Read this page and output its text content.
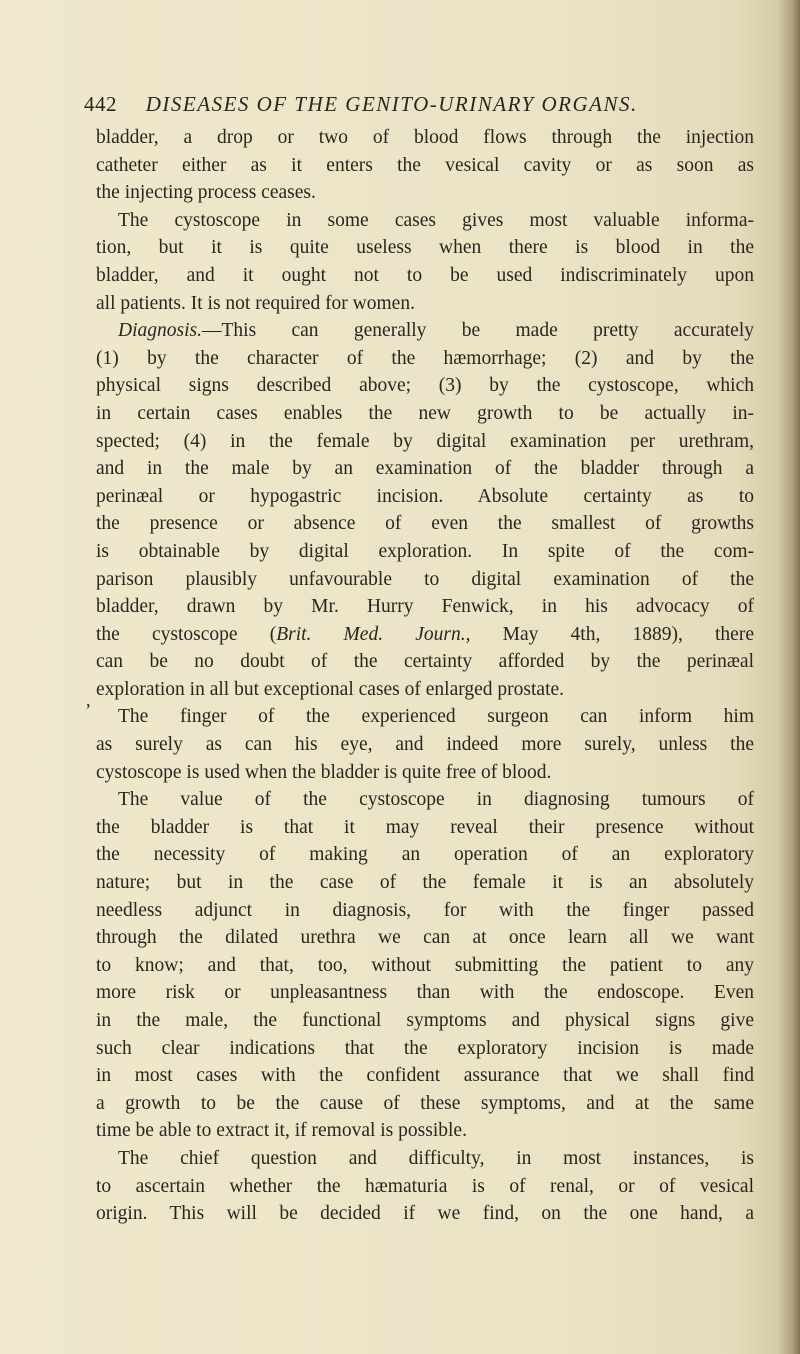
442 DISEASES OF THE GENITO-URINARY ORGANS.
,
bladder, a drop or two of blood flows through the injection
catheter either as it enters the vesical cavity or as soon as
the injecting process ceases.
The cystoscope in some cases gives most valuable informa-
tion, but it is quite useless when there is blood in the
bladder, and it ought not to be used indiscriminately upon
all patients. It is not required for women.
Diagnosis.—This can generally be made pretty accurately
(1) by the character of the hæmorrhage; (2) and by the
physical signs described above; (3) by the cystoscope, which
in certain cases enables the new growth to be actually in-
spected; (4) in the female by digital examination per urethram,
and in the male by an examination of the bladder through a
perinæal or hypogastric incision. Absolute certainty as to
the presence or absence of even the smallest of growths
is obtainable by digital exploration. In spite of the com-
parison plausibly unfavourable to digital examination of the
bladder, drawn by Mr. Hurry Fenwick, in his advocacy of
the cystoscope (Brit. Med. Journ., May 4th, 1889), there
can be no doubt of the certainty afforded by the perinæal
exploration in all but exceptional cases of enlarged prostate.
The finger of the experienced surgeon can inform him
as surely as can his eye, and indeed more surely, unless the
cystoscope is used when the bladder is quite free of blood.
The value of the cystoscope in diagnosing tumours of
the bladder is that it may reveal their presence without
the necessity of making an operation of an exploratory
nature; but in the case of the female it is an absolutely
needless adjunct in diagnosis, for with the finger passed
through the dilated urethra we can at once learn all we want
to know; and that, too, without submitting the patient to any
more risk or unpleasantness than with the endoscope. Even
in the male, the functional symptoms and physical signs give
such clear indications that the exploratory incision is made
in most cases with the confident assurance that we shall find
a growth to be the cause of these symptoms, and at the same
time be able to extract it, if removal is possible.
The chief question and difficulty, in most instances, is
to ascertain whether the hæmaturia is of renal, or of vesical
origin. This will be decided if we find, on the one hand, a
